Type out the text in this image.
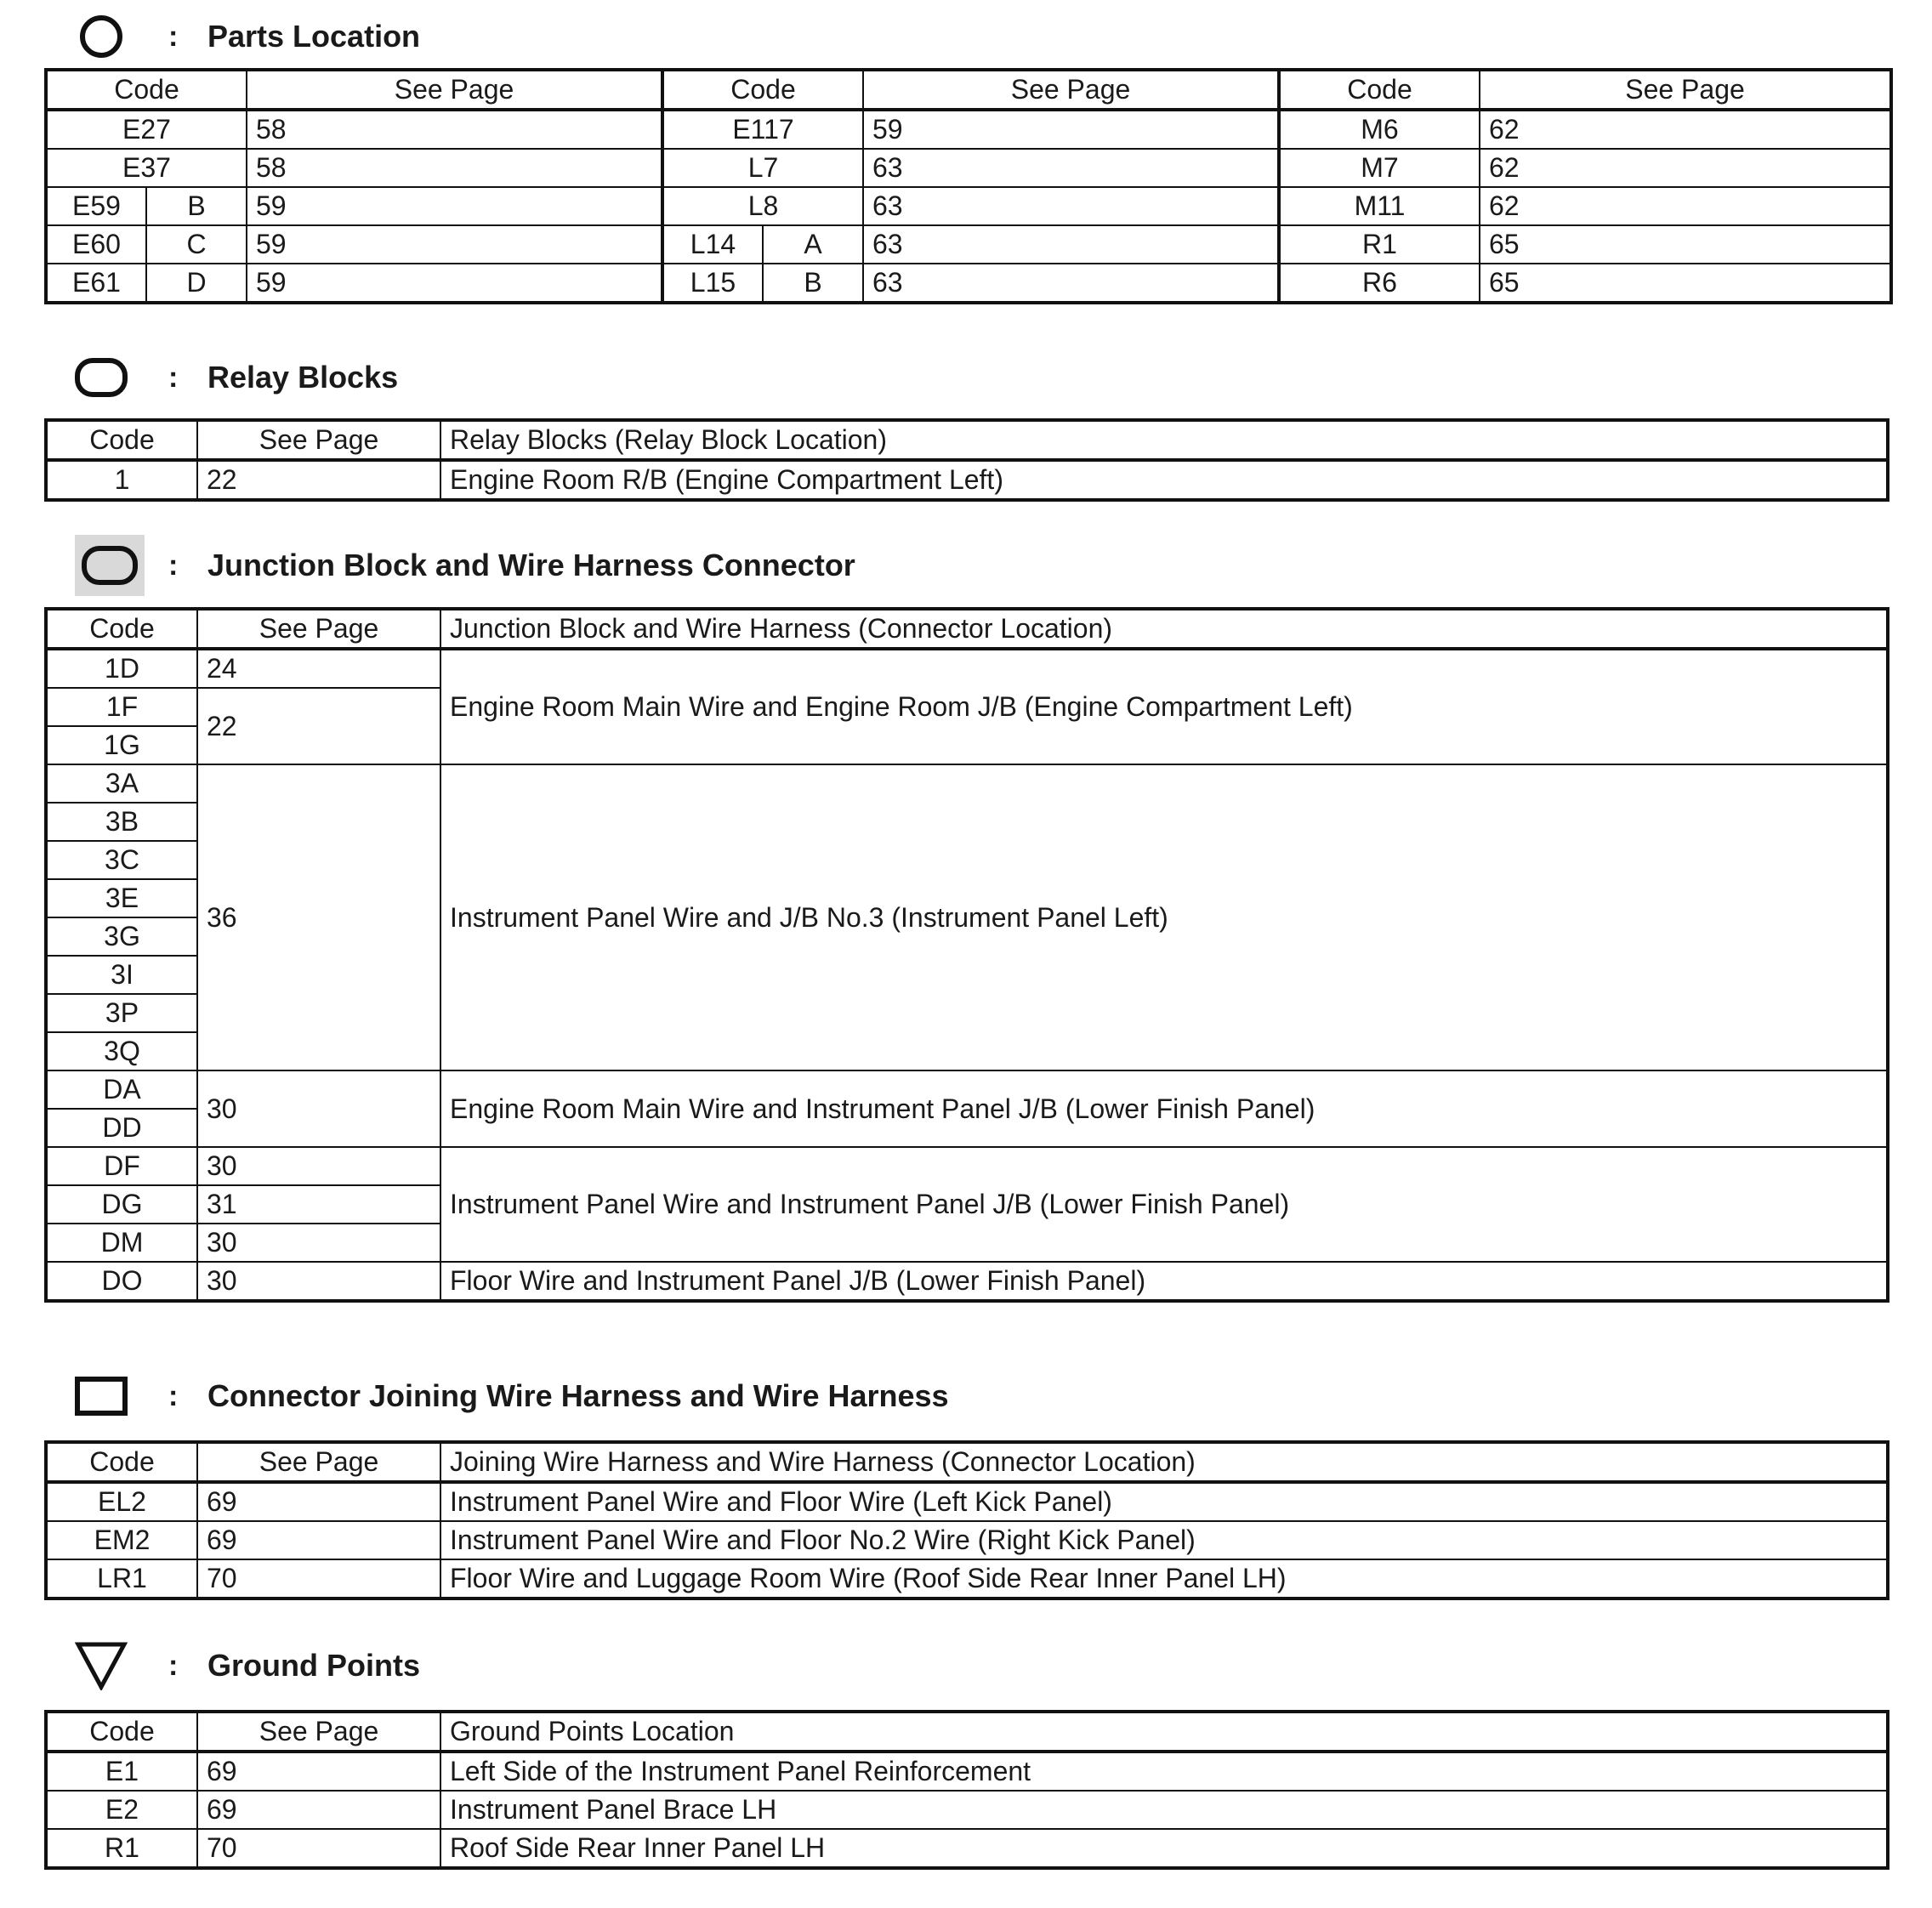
: Parts Location
Code		See Page	Code		See Page	Code	See Page
E27		58	E117		59	M6	62
E37		58	L7		63	M7	62
E59	B	59	L8		63	M11	62
E60	C	59	L14	A	63	R1	65
E61	D	59	L15	B	63	R6	65
: Relay Blocks
Code	See Page	Relay Blocks (Relay Block Location)
1	22	Engine Room R/B (Engine Compartment Left)
: Junction Block and Wire Harness Connector
Code	See Page	Junction Block and Wire Harness (Connector Location)
1D	24	Engine Room Main Wire and Engine Room J/B (Engine Compartment Left)
1F	22	
1G		
3A	36	Instrument Panel Wire and J/B No.3 (Instrument Panel Left)
3B		
3C		
3E		
3G		
3I		
3P		
3Q		
DA	30	Engine Room Main Wire and Instrument Panel J/B (Lower Finish Panel)
DD		
DF	30	Instrument Panel Wire and Instrument Panel J/B (Lower Finish Panel)
DG	31	
DM	30	
DO	30	Floor Wire and Instrument Panel J/B (Lower Finish Panel)
: Connector Joining Wire Harness and Wire Harness
Code	See Page	Joining Wire Harness and Wire Harness (Connector Location)
EL2	69	Instrument Panel Wire and Floor Wire (Left Kick Panel)
EM2	69	Instrument Panel Wire and Floor No.2 Wire (Right Kick Panel)
LR1	70	Floor Wire and Luggage Room Wire (Roof Side Rear Inner Panel LH)
: Ground Points
Code	See Page	Ground Points Location
E1	69	Left Side of the Instrument Panel Reinforcement
E2	69	Instrument Panel Brace LH
R1	70	Roof Side Rear Inner Panel LH
